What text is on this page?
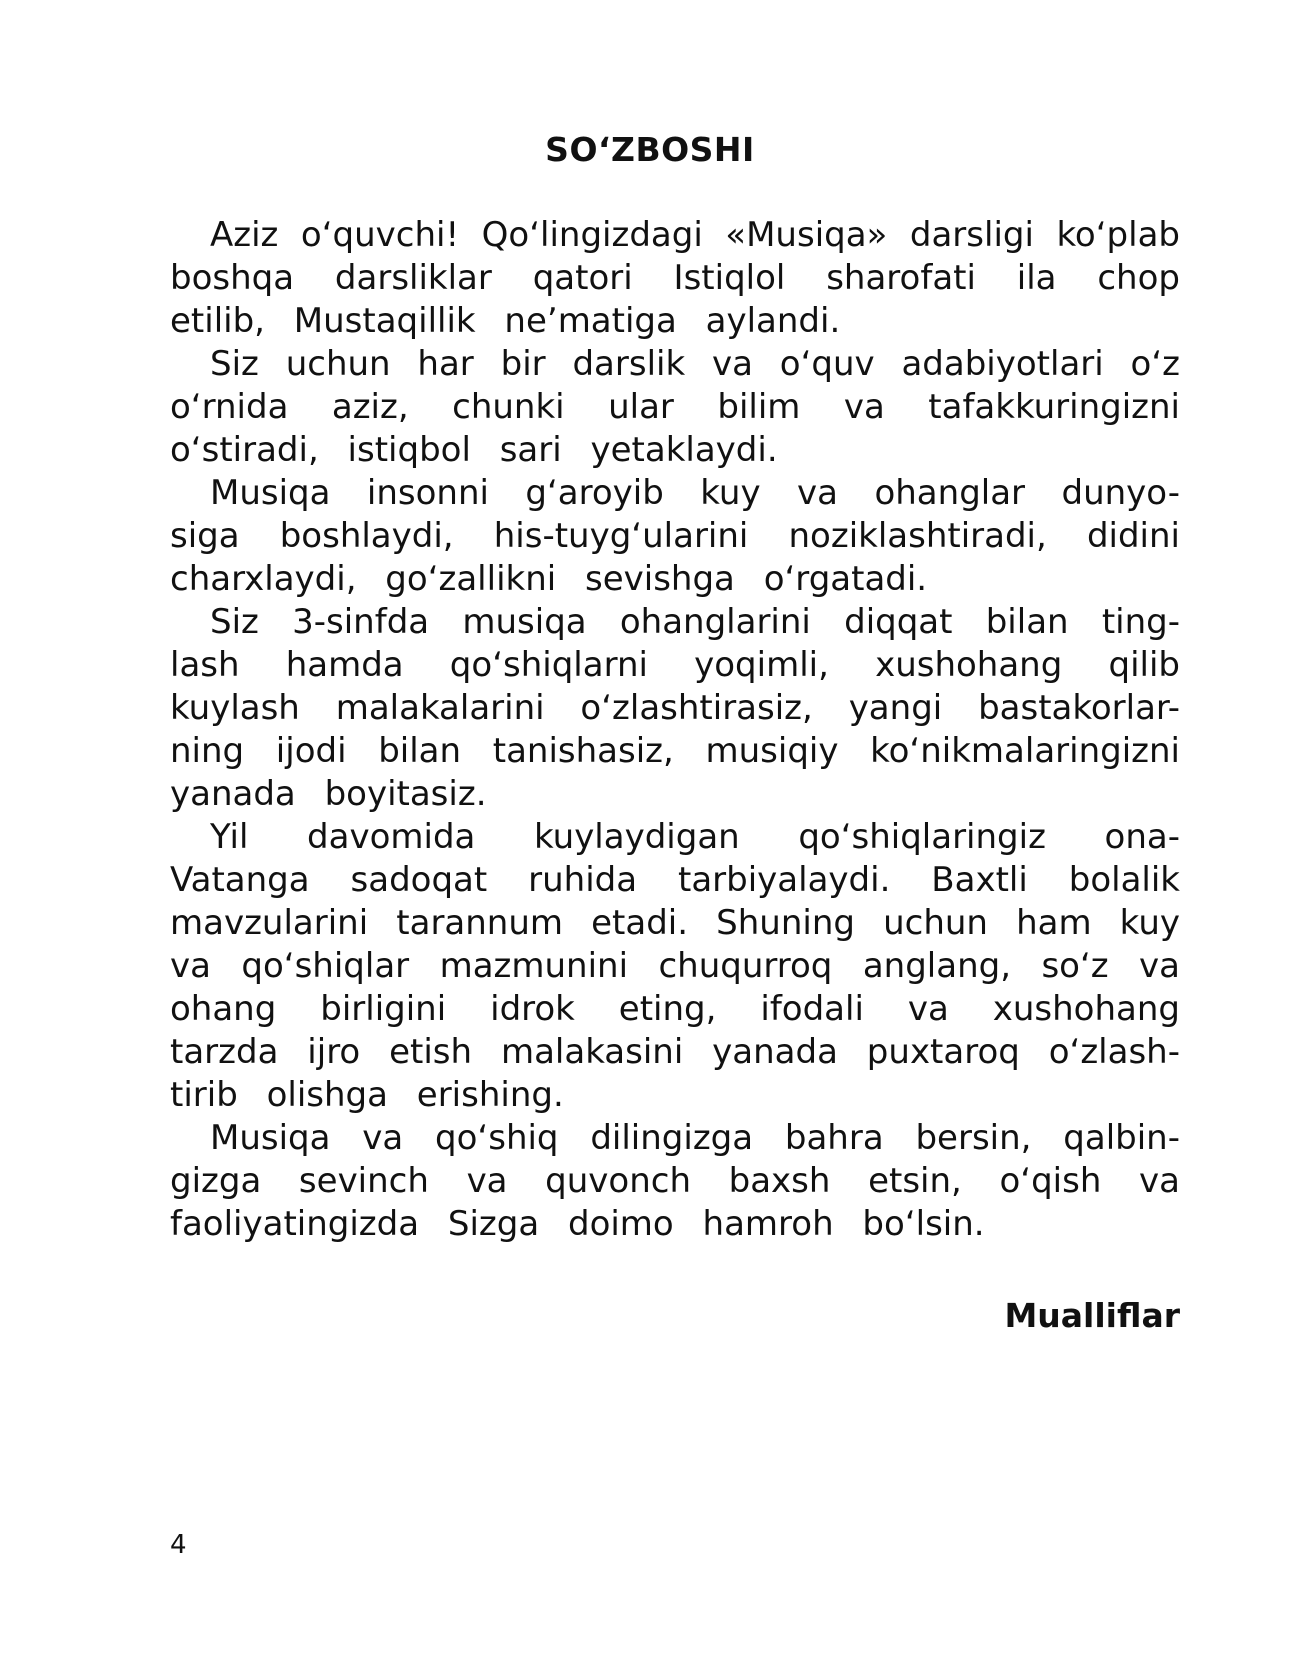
SO‘ZBOSHI
Aziz o‘quvchi! Qo‘lingizdagi «Musiqa» darsligi ko‘plab
boshqa darsliklar qatori Istiqlol sharofati ila chop
etilib, Mustaqillik ne’matiga aylandi.
Siz uchun har bir darslik va o‘quv adabiyotlari o‘z
o‘rnida aziz, chunki ular bilim va tafakkuringizni
o‘stiradi, istiqbol sari yetaklaydi.
Musiqa insonni g‘aroyib kuy va ohanglar dunyo-
siga boshlaydi, his-tuyg‘ularini noziklashtiradi, didini
charxlaydi, go‘zallikni sevishga o‘rgatadi.
Siz 3-sinfda musiqa ohanglarini diqqat bilan ting-
lash hamda qo‘shiqlarni yoqimli, xushohang qilib
kuylash malakalarini o‘zlashtirasiz, yangi bastakorlar-
ning ijodi bilan tanishasiz, musiqiy ko‘nikmalaringizni
yanada boyitasiz.
Yil davomida kuylaydigan qo‘shiqlaringiz ona-
Vatanga sadoqat ruhida tarbiyalaydi. Baxtli bolalik
mavzularini tarannum etadi. Shuning uchun ham kuy
va qo‘shiqlar mazmunini chuqurroq anglang, so‘z va
ohang birligini idrok eting, ifodali va xushohang
tarzda ijro etish malakasini yanada puxtaroq o‘zlash-
tirib olishga erishing.
Musiqa va qo‘shiq dilingizga bahra bersin, qalbin-
gizga sevinch va quvonch baxsh etsin, o‘qish va
faoliyatingizda Sizga doimo hamroh bo‘lsin.

Mualliflar

4
